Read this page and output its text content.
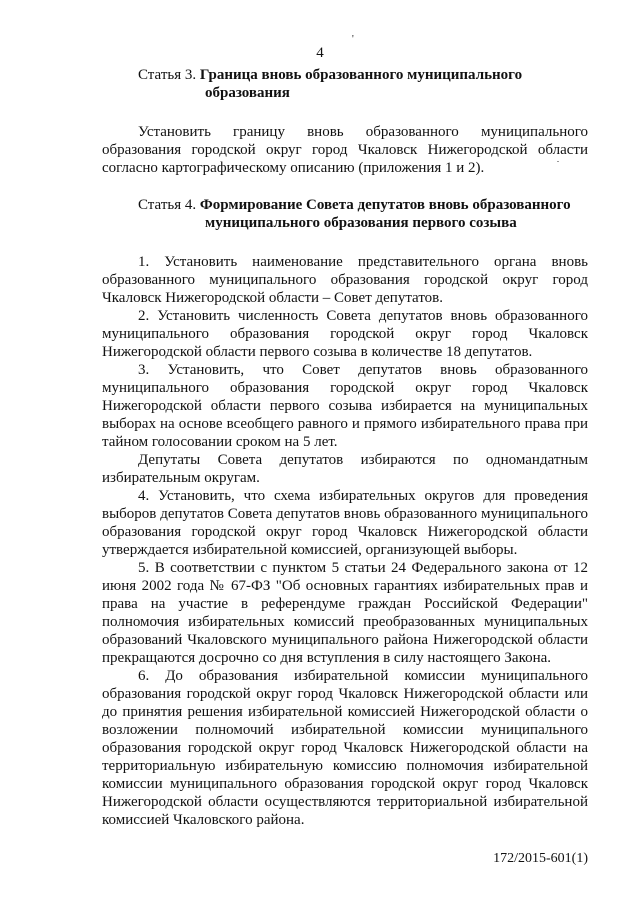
'
4
Статья 3. Граница вновь образованного муниципального
образования

Установить границу вновь образованного муниципального образования городской округ город Чкаловск Нижегородской области согласно картографическому описанию (приложения 1 и 2).

Статья 4. Формирование Совета депутатов вновь образованного
муниципального образования первого созыва

1. Установить наименование представительного органа вновь образованного муниципального образования городской округ город Чкаловск Нижегородской области – Совет депутатов.

2. Установить численность Совета депутатов вновь образованного муниципального образования городской округ город Чкаловск Нижегородской области первого созыва в количестве 18 депутатов.

3. Установить, что Совет депутатов вновь образованного муниципального образования городской округ город Чкаловск Нижегородской области первого созыва избирается на муниципальных выборах на основе всеобщего равного и прямого избирательного права при тайном голосовании сроком на 5 лет.

Депутаты Совета депутатов избираются по одномандатным избирательным округам.

4. Установить, что схема избирательных округов для проведения выборов депутатов Совета депутатов вновь образованного муниципального образования городской округ город Чкаловск Нижегородской области утверждается избирательной комиссией, организующей выборы.

5. В соответствии с пунктом 5 статьи 24 Федерального закона от 12 июня 2002 года № 67-ФЗ "Об основных гарантиях избирательных прав и права на участие в референдуме граждан Российской Федерации" полномочия избирательных комиссий преобразованных муниципальных образований Чкаловского муниципального района Нижегородской области прекращаются досрочно со дня вступления в силу настоящего Закона.

6. До образования избирательной комиссии муниципального образования городской округ город Чкаловск Нижегородской области или до принятия решения избирательной комиссией Нижегородской области о возложении полномочий избирательной комиссии муниципального образования городской округ город Чкаловск Нижегородской области на территориальную избирательную комиссию полномочия избирательной комиссии муниципального образования городской округ город Чкаловск Нижегородской области осуществляются территориальной избирательной комиссией Чкаловского района.

172/2015-601(1)
